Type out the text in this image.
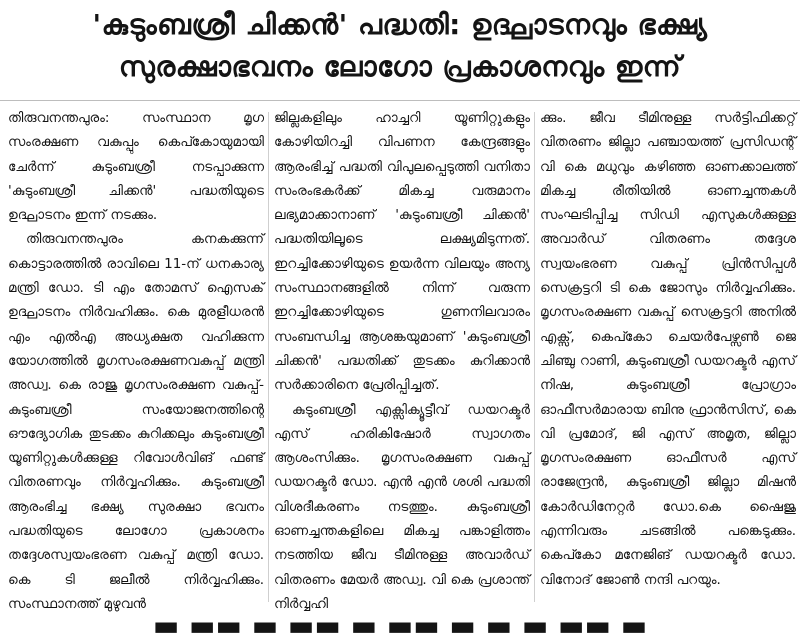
'കുടുംബശ്രീ ചിക്കൻ' പദ്ധതി: ഉദ്ഘാടനവും ഭക്ഷ്യ
സുരക്ഷാഭവനം ലോഗോ പ്രകാശനവും ഇന്ന്

തിരുവനന്തപുരം: സംസ്ഥാന മൃഗ സംരക്ഷണ വകുപ്പും കെപ്കോയുമായി ചേർന്ന് കുടുംബശ്രീ നടപ്പാക്കുന്ന 'കുടുംബശ്രീ ചിക്കൻ' പദ്ധതിയുടെ ഉദ്ഘാടനം ഇന്ന് നടക്കും.

തിരുവനന്തപുരം കനകക്കുന്ന് കൊട്ടാരത്തിൽ രാവിലെ 11-ന് ധനകാര്യ മന്ത്രി ഡോ. ടി എം തോമസ് ഐസക് ഉദ്ഘാടനം നിർവഹിക്കും. കെ മുരളീധരൻ എം എൽഎ അധ്യക്ഷത വഹിക്കുന്ന യോഗത്തിൽ മൃഗസംരക്ഷണവകുപ്പ് മന്ത്രി അഡ്വ. കെ രാജു മൃഗസംരക്ഷണ വകുപ്പ്- കുടുംബശ്രീ സംയോജനത്തിന്റെ ഔദ്യോഗിക തുടക്കം കുറിക്കലും കുടുംബശ്രീ യൂണിറ്റുകൾക്കുള്ള റിവോൾവിങ് ഫണ്ട് വിതരണവും നിർവ്വഹിക്കും. കുടുംബശ്രീ ആരംഭിച്ച ഭക്ഷ്യ സുരക്ഷാ ഭവനം പദ്ധതിയുടെ ലോഗോ പ്രകാശനം തദ്ദേശസ്വയംഭരണ വകുപ്പ് മന്ത്രി ഡോ. കെ ടി ജലീൽ നിർവ്വഹിക്കും. സംസ്ഥാനത്ത് മുഴുവൻ

ജില്ലകളിലും ഹാച്ചറി യൂണിറ്റുകളും കോഴിയിറച്ചി വിപണന കേന്ദ്രങ്ങളും ആരംഭിച്ച് പദ്ധതി വിപുലപ്പെടുത്തി വനിതാ സംരംഭകർക്ക് മികച്ച വരുമാനം ലഭ്യമാക്കാനാണ് 'കുടുംബശ്രീ ചിക്കൻ' പദ്ധതിയിലൂടെ ലക്ഷ്യമിടുന്നത്. ഇറച്ചിക്കോഴിയുടെ ഉയർന്ന വിലയും അന്യ സംസ്ഥാനങ്ങളിൽ നിന്ന് വരുന്ന ഇറച്ചിക്കോഴിയുടെ ഗുണനിലവാരം സംബന്ധിച്ച ആശങ്കയുമാണ് 'കുടുംബശ്രീ ചിക്കൻ' പദ്ധതിക്ക് തുടക്കം കുറിക്കാൻ സർക്കാരിനെ പ്രേരിപ്പിച്ചത്.

കുടുംബശ്രീ എക്സിക്യൂട്ടീവ് ഡയറക്ടർ എസ് ഹരികിഷോർ സ്വാഗതം ആശംസിക്കും. മൃഗസംരക്ഷണ വകുപ്പ് ഡയറക്ടർ ഡോ. എൻ എൻ ശശി പദ്ധതി വിശദീകരണം നടത്തും. കുടുംബശ്രീ ഓണച്ചന്തകളിലെ മികച്ച പങ്കാളിത്തം നടത്തിയ ജീവ ടീമിനുള്ള അവാർഡ് വിതരണം മേയർ അഡ്വ. വി കെ പ്രശാന്ത് നിർവ്വഹി

ക്കും. ജീവ ടീമിനുള്ള സർട്ടിഫിക്കറ്റ് വിതരണം ജില്ലാ പഞ്ചായത്ത് പ്രസിഡന്റ് വി കെ മധുവും കഴിഞ്ഞ ഓണക്കാലത്ത് മികച്ച രീതിയിൽ ഓണച്ചന്തകൾ സംഘടിപ്പിച്ച സിഡി എസുകൾക്കുള്ള അവാർഡ് വിതരണം തദ്ദേശ സ്വയംഭരണ വകുപ്പ് പ്രിൻസിപ്പൾ സെക്രട്ടറി ടി കെ ജോസും നിർവ്വഹിക്കും. മൃഗസംരക്ഷണ വകുപ്പ് സെക്രട്ടറി അനിൽ എക്സ്, കെപ്കോ ചെയർപേഴ്സൺ ജെ ചിഞ്ചു റാണി, കുടുംബശ്രീ ഡയറക്ടർ എസ് നിഷ, കുടുംബശ്രീ പ്രോഗ്രാം ഓഫീസർമാരായ ബിനു ഫ്രാൻസിസ്, കെ വി പ്രമോദ്, ജി എസ് അമൃത, ജില്ലാ മൃഗസംരക്ഷണ ഓഫീസർ എസ് രാജേന്ദ്രൻ, കുടുംബശ്രീ ജില്ലാ മിഷൻ കോർഡിനേറ്റർ ഡോ.കെ ഷൈജു എന്നിവരും ചടങ്ങിൽ പങ്കെടുക്കും. കെപ്കോ മനേജിങ് ഡയറക്ടർ ഡോ. വിനോദ് ജോൺ നന്ദി പറയും.

▬ ▬▬ ▬ ▬▬ ▬ ▬▬ ▬ ▬ ▬ ▬▬ ▬
